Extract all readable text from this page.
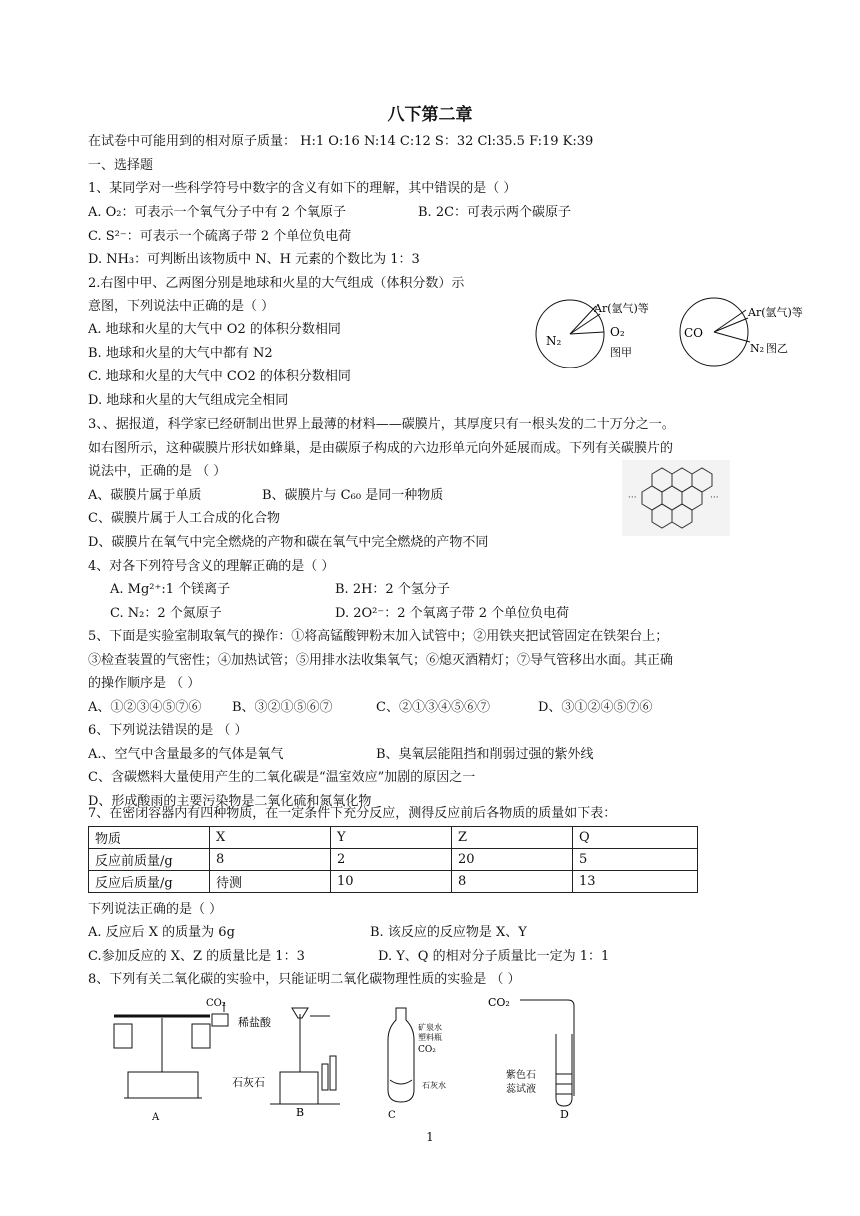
八下第二章
在试卷中可能用到的相对原子质量： H:1 O:16 N:14 C:12 S：32 Cl:35.5 F:19 K:39
一、选择题
1、某同学对一些科学符号中数字的含义有如下的理解，其中错误的是（ ）
A. O₂：可表示一个氧气分子中有 2 个氧原子	B. 2C：可表示两个碳原子
C. S²⁻：可表示一个硫离子带 2 个单位负电荷
D. NH₃：可判断出该物质中 N、H 元素的个数比为 1：3
2.右图中甲、乙两图分别是地球和火星的大气组成（体积分数）示
意图，下列说法中正确的是（ ）
A. 地球和火星的大气中 O2 的体积分数相同
B. 地球和火星的大气中都有 N2
C. 地球和火星的大气中 CO2 的体积分数相同
D. 地球和火星的大气组成完全相同
Ar(氩气)等
O₂
N₂
图甲
Ar(氩气)等
CO
N₂ 图乙
3、、据报道，科学家已经研制出世界上最薄的材料——碳膜片，其厚度只有一根头发的二十万分之一。
如右图所示，这种碳膜片形状如蜂巢，是由碳原子构成的六边形单元向外延展而成。下列有关碳膜片的
说法中，正确的是 （ ）
A、碳膜片属于单质	B、碳膜片与 C₆₀ 是同一种物质
C、碳膜片属于人工合成的化合物
D、碳膜片在氧气中完全燃烧的产物和碳在氧气中完全燃烧的产物不同
···	···
4、对各下列符号含义的理解正确的是（ ）
A. Mg²⁺:1 个镁离子	B. 2H：2 个氢分子
C. N₂：2 个氮原子	D. 2O²⁻：2 个氧离子带 2 个单位负电荷
5、下面是实验室制取氧气的操作：①将高锰酸钾粉末加入试管中；②用铁夹把试管固定在铁架台上；
③检查装置的气密性；④加热试管；⑤用排水法收集氧气；⑥熄灭酒精灯；⑦导气管移出水面。其正确
的操作顺序是 （ ）
A、①②③④⑤⑦⑥ B、③②①⑤⑥⑦	C、②①③④⑤⑥⑦	D、③①②④⑤⑦⑥
6、下列说法错误的是 （ ）
A.、空气中含量最多的气体是氧气	B、臭氧层能阻挡和削弱过强的紫外线
C、含碳燃料大量使用产生的二氧化碳是“温室效应”加剧的原因之一
D、形成酸雨的主要污染物是二氧化硫和氮氧化物
7、在密闭容器内有四种物质，在一定条件下充分反应，测得反应前后各物质的质量如下表：
物质	X	Y	Z	Q
反应前质量/g	8	2	20	5
反应后质量/g	待测	10	8	13
下列说法正确的是（ ）
A. 反应后 X 的质量为 6g	B. 该反应的反应物是 X、Y
C.参加反应的 X、Z 的质量比是 1：3	D. Y、Q 的相对分子质量比一定为 1：1
8、下列有关二氧化碳的实验中，只能证明二氧化碳物理性质的实验是 （ ）
CO₂
A
稀盐酸
石灰石
B
矿泉水
塑料瓶
CO₂
石灰水
C
CO₂
紫色石
蕊试液
D
1
